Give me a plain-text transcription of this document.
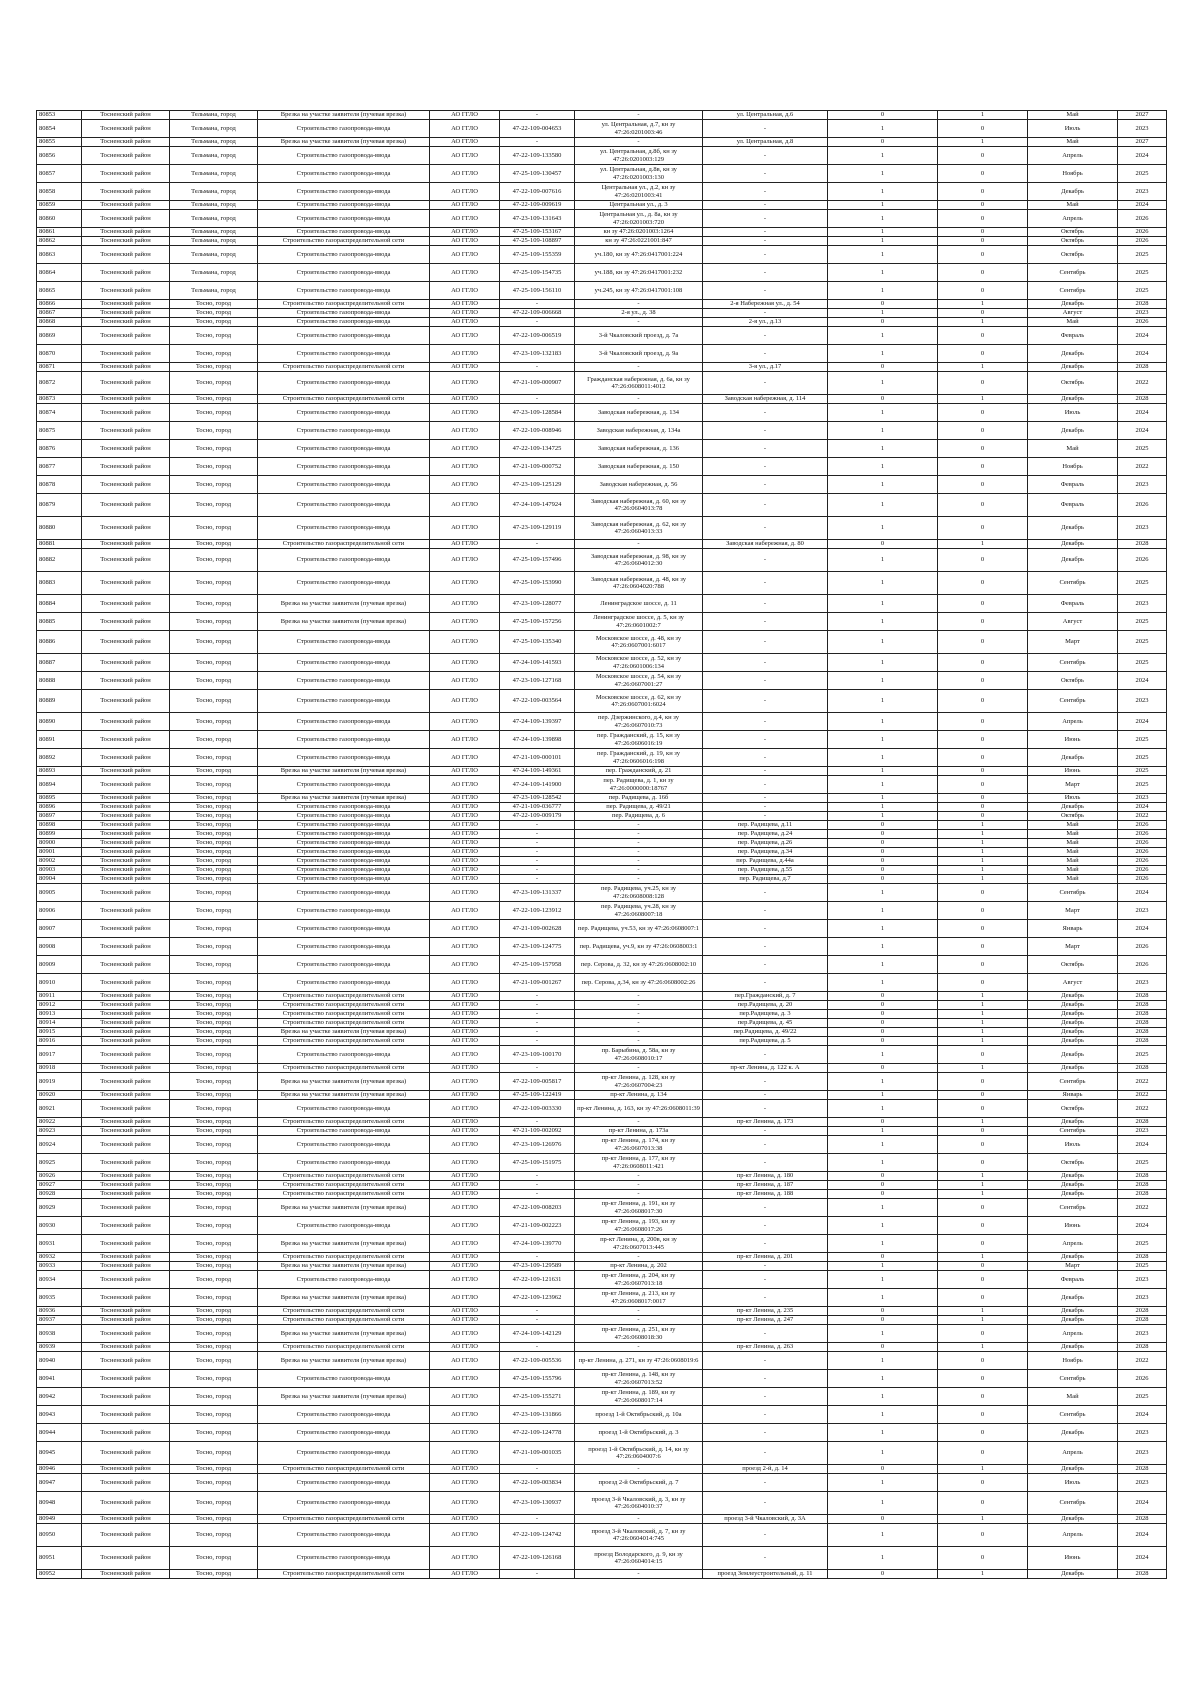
80853	Тосненский район	Тельмана, город	Врезка на участке заявителя (пучевая врезка)	АО ГГЛО	-	-	ул. Центральная, д.6	0	1	Май	2027
80854	Тосненский район	Тельмана, город	Строительство газопровода-ввода	АО ГГЛО	47-22-109-004653	ул. Центральная, д.7, кн зу 47:26:0201003:46	-	1	0	Июль	2023
80855	Тосненский район	Тельмана, город	Врезка на участке заявителя (пучевая врезка)	АО ГГЛО	-	-	ул. Центральная, д.8	0	1	Май	2027
80856	Тосненский район	Тельмана, город	Строительство газопровода-ввода	АО ГГЛО	47-22-109-133580	ул. Центральная, д.8б, кн зу 47:26:0201003:129	-	1	0	Апрель	2024
80857	Тосненский район	Тельмана, город	Строительство газопровода-ввода	АО ГГЛО	47-25-109-130457	ул. Центральная, д.8в, кн зу 47:26:0201003:130	-	1	0	Ноябрь	2025
80858	Тосненский район	Тельмана, город	Строительство газопровода-ввода	АО ГГЛО	47-22-109-007616	Центральная ул., д.2, кн зу 47:26:0201003:41	-	1	0	Декабрь	2023
80859	Тосненский район	Тельмана, город	Строительство газопровода-ввода	АО ГГЛО	47-22-109-009619	Центральная ул., д. 3	-	1	0	Май	2024
80860	Тосненский район	Тельмана, город	Строительство газопровода-ввода	АО ГГЛО	47-23-109-131643	Центральная ул., д. 8а, кн зу 47:26:0201003:720	-	1	0	Апрель	2026
80861	Тосненский район	Тельмана, город	Строительство газопровода-ввода	АО ГГЛО	47-25-109-153167	кн зу 47:26:0201003:1264	-	1	0	Октябрь	2026
80862	Тосненский район	Тельмана, город	Строительство газораспределительной сети	АО ГГЛО	47-25-109-108897	кн зу 47:26:0221001:847	-	1	0	Октябрь	2026
80863	Тосненский район	Тельмана, город	Строительство газопровода-ввода	АО ГГЛО	47-25-109-155359	уч.180, кн зу 47:26:0417001:224	-	1	0	Октябрь	2025
80864	Тосненский район	Тельмана, город	Строительство газопровода-ввода	АО ГГЛО	47-25-109-154735	уч.188, кн зу 47:26:0417001:232	-	1	0	Сентябрь	2025
80865	Тосненский район	Тельмана, город	Строительство газопровода-ввода	АО ГГЛО	47-25-109-156110	уч.245, кн зу 47:26:0417001:108	-	1	0	Сентябрь	2025
80866	Тосненский район	Тосно, город	Строительство газораспределительной сети	АО ГГЛО	-	-	2-я Набережная ул., д. 54	0	1	Декабрь	2028
80867	Тосненский район	Тосно, город	Строительство газопровода-ввода	АО ГГЛО	47-22-109-006668	2-я ул., д. 38	-	1	0	Август	2023
80868	Тосненский район	Тосно, город	Строительство газопровода-ввода	АО ГГЛО	-	-	2-я ул., д.13	0	1	Май	2026
80869	Тосненский район	Тосно, город	Строительство газопровода-ввода	АО ГГЛО	47-22-109-006519	3-й Чкаловский проезд, д. 7а	-	1	0	Февраль	2024
80870	Тосненский район	Тосно, город	Строительство газопровода-ввода	АО ГГЛО	47-23-109-132183	3-й Чкаловский проезд, д. 9а	-	1	0	Декабрь	2024
80871	Тосненский район	Тосно, город	Строительство газораспределительной сети	АО ГГЛО	-	-	3-я ул., д.17	0	1	Декабрь	2028
80872	Тосненский район	Тосно, город	Строительство газопровода-ввода	АО ГГЛО	47-21-109-000907	Гражданская набережная, д. 6а, кн зу 47:26:0608011:4012	-	1	0	Октябрь	2022
80873	Тосненский район	Тосно, город	Строительство газораспределительной сети	АО ГГЛО	-	-	Заводская набережная, д. 114	0	1	Декабрь	2028
80874	Тосненский район	Тосно, город	Строительство газопровода-ввода	АО ГГЛО	47-23-109-128584	Заводская набережная, д. 134	-	1	0	Июль	2024
80875	Тосненский район	Тосно, город	Строительство газопровода-ввода	АО ГГЛО	47-22-109-008946	Заводская набережная, д. 134а	-	1	0	Декабрь	2024
80876	Тосненский район	Тосно, город	Строительство газопровода-ввода	АО ГГЛО	47-22-109-134725	Заводская набережная, д. 136	-	1	0	Май	2025
80877	Тосненский район	Тосно, город	Строительство газопровода-ввода	АО ГГЛО	47-21-109-000752	Заводская набережная, д. 150	-	1	0	Ноябрь	2022
80878	Тосненский район	Тосно, город	Строительство газопровода-ввода	АО ГГЛО	47-23-109-125129	Заводская набережная, д. 56	-	1	0	Февраль	2023
80879	Тосненский район	Тосно, город	Строительство газопровода-ввода	АО ГГЛО	47-24-109-147924	Заводская набережная, д. 60, кн зу 47:26:0604013:78	-	1	0	Февраль	2026
80880	Тосненский район	Тосно, город	Строительство газопровода-ввода	АО ГГЛО	47-23-109-129119	Заводская набережная, д. 62, кн зу 47:26:0604013:33	-	1	0	Декабрь	2023
80881	Тосненский район	Тосно, город	Строительство газораспределительной сети	АО ГГЛО	-	-	Заводская набережная, д. 80	0	1	Декабрь	2028
80882	Тосненский район	Тосно, город	Строительство газопровода-ввода	АО ГГЛО	47-25-109-157496	Заводская набережная, д. 98, кн зу 47:26:0604012:30	-	1	0	Декабрь	2026
80883	Тосненский район	Тосно, город	Строительство газопровода-ввода	АО ГГЛО	47-25-109-153990	Заводская набережная, д. 48, кн зу 47:26:0604020:788	-	1	0	Сентябрь	2025
80884	Тосненский район	Тосно, город	Врезка на участке заявителя (пучевая врезка)	АО ГГЛО	47-23-109-128077	Ленинградское шоссе, д. 11	-	1	0	Февраль	2023
80885	Тосненский район	Тосно, город	Врезка на участке заявителя (пучевая врезка)	АО ГГЛО	47-25-109-157256	Ленинградское шоссе, д. 5, кн зу 47:26:0601002:7	-	1	0	Август	2025
80886	Тосненский район	Тосно, город	Строительство газопровода-ввода	АО ГГЛО	47-25-109-135340	Московское шоссе, д. 48, кн зу 47:26:0607001:6017	-	1	0	Март	2025
80887	Тосненский район	Тосно, город	Строительство газопровода-ввода	АО ГГЛО	47-24-109-141593	Московское шоссе, д. 52, кн зу 47:26:0601006:134	-	1	0	Сентябрь	2025
80888	Тосненский район	Тосно, город	Строительство газопровода-ввода	АО ГГЛО	47-23-109-127168	Московское шоссе, д. 54, кн зу 47:26:0607001:27	-	1	0	Октябрь	2024
80889	Тосненский район	Тосно, город	Строительство газопровода-ввода	АО ГГЛО	47-22-109-003564	Московское шоссе, д. 62, кн зу 47:26:0607001:6024	-	1	0	Сентябрь	2023
80890	Тосненский район	Тосно, город	Строительство газопровода-ввода	АО ГГЛО	47-24-109-139397	пер. Дзержинского, д.4, кн зу 47:26:0607010:73	-	1	0	Апрель	2024
80891	Тосненский район	Тосно, город	Строительство газопровода-ввода	АО ГГЛО	47-24-109-139898	пер. Гражданский, д. 15, кн зу 47:26:0606016:19	-	1	0	Июнь	2025
80892	Тосненский район	Тосно, город	Строительство газопровода-ввода	АО ГГЛО	47-21-109-000101	пер. Гражданский, д. 19, кн зу 47:26:0606016:198	-	1	0	Декабрь	2025
80893	Тосненский район	Тосно, город	Врезка на участке заявителя (пучевая врезка)	АО ГГЛО	47-24-109-149361	пер. Гражданский, д. 21	-	1	0	Июнь	2025
80894	Тосненский район	Тосно, город	Строительство газопровода-ввода	АО ГГЛО	47-24-109-141900	пер. Радищева, д. 1, кн зу 47:26:0000000:18767	-	1	0	Март	2025
80895	Тосненский район	Тосно, город	Врезка на участке заявителя (пучевая врезка)	АО ГГЛО	47-23-109-128542	пер. Радищева, д. 16б	-	1	0	Июль	2023
80896	Тосненский район	Тосно, город	Строительство газопровода-ввода	АО ГГЛО	47-21-109-036777	пер. Радищева, д. 49/21	-	1	0	Декабрь	2024
80897	Тосненский район	Тосно, город	Строительство газопровода-ввода	АО ГГЛО	47-22-109-009179	пер. Радищева, д. 6	-	1	0	Октябрь	2022
80898	Тосненский район	Тосно, город	Строительство газопровода-ввода	АО ГГЛО	-	-	пер. Радищева, д.11	0	1	Май	2026
80899	Тосненский район	Тосно, город	Строительство газопровода-ввода	АО ГГЛО	-	-	пер. Радищева, д.24	0	1	Май	2026
80900	Тосненский район	Тосно, город	Строительство газопровода-ввода	АО ГГЛО	-	-	пер. Радищева, д.26	0	1	Май	2026
80901	Тосненский район	Тосно, город	Строительство газопровода-ввода	АО ГГЛО	-	-	пер. Радищева, д.34	0	1	Май	2026
80902	Тосненский район	Тосно, город	Строительство газопровода-ввода	АО ГГЛО	-	-	пер. Радищева, д.44а	0	1	Май	2026
80903	Тосненский район	Тосно, город	Строительство газопровода-ввода	АО ГГЛО	-	-	пер. Радищева, д.55	0	1	Май	2026
80904	Тосненский район	Тосно, город	Строительство газопровода-ввода	АО ГГЛО	-	-	пер. Радищева, д.7	0	1	Май	2026
80905	Тосненский район	Тосно, город	Строительство газопровода-ввода	АО ГГЛО	47-23-109-131337	пер. Радищева, уч.25, кн зу 47:26:0608008:128	-	1	0	Сентябрь	2024
80906	Тосненский район	Тосно, город	Строительство газопровода-ввода	АО ГГЛО	47-22-109-123912	пер. Радищева, уч.28, кн зу 47:26:0608007:18	-	1	0	Март	2023
80907	Тосненский район	Тосно, город	Строительство газопровода-ввода	АО ГГЛО	47-21-109-002628	пер. Радищева, уч.53, кн зу 47:26:0608007:1	-	1	0	Январь	2024
80908	Тосненский район	Тосно, город	Строительство газопровода-ввода	АО ГГЛО	47-23-109-124775	пер. Радищева, уч.9, кн зу 47:26:0608003:1	-	1	0	Март	2026
80909	Тосненский район	Тосно, город	Строительство газопровода-ввода	АО ГГЛО	47-25-109-157958	пер. Серова, д. 32, кн зу 47:26:0608002:10	-	1	0	Октябрь	2026
80910	Тосненский район	Тосно, город	Строительство газопровода-ввода	АО ГГЛО	47-21-109-001267	пер. Серова, д.34, кн зу 47:26:0608002:26	-	1	0	Август	2023
80911	Тосненский район	Тосно, город	Строительство газораспределительной сети	АО ГГЛО	-	-	пер.Гражданский, д. 7	0	1	Декабрь	2028
80912	Тосненский район	Тосно, город	Строительство газораспределительной сети	АО ГГЛО	-	-	пер.Радищева, д. 20	0	1	Декабрь	2028
80913	Тосненский район	Тосно, город	Строительство газораспределительной сети	АО ГГЛО	-	-	пер.Радищева, д. 3	0	1	Декабрь	2028
80914	Тосненский район	Тосно, город	Строительство газораспределительной сети	АО ГГЛО	-	-	пер.Радищева, д. 45	0	1	Декабрь	2028
80915	Тосненский район	Тосно, город	Врезка на участке заявителя (пучевая врезка)	АО ГГЛО	-	-	пер.Радищева, д. 49/22	0	1	Декабрь	2028
80916	Тосненский район	Тосно, город	Строительство газораспределительной сети	АО ГГЛО	-	-	пер.Радищева, д. 5	0	1	Декабрь	2028
80917	Тосненский район	Тосно, город	Строительство газопровода-ввода	АО ГГЛО	47-23-109-100170	пр. Барыбина, д. 58а, кн зу 47:26:0608010:17	-	1	0	Декабрь	2025
80918	Тосненский район	Тосно, город	Строительство газораспределительной сети	АО ГГЛО	-	-	пр-кт Ленина, д. 122 к. А	0	1	Декабрь	2028
80919	Тосненский район	Тосно, город	Врезка на участке заявителя (пучевая врезка)	АО ГГЛО	47-22-109-005817	пр-кт Ленина, д. 128, кн зу 47:26:0607004:23	-	1	0	Сентябрь	2022
80920	Тосненский район	Тосно, город	Врезка на участке заявителя (пучевая врезка)	АО ГГЛО	47-25-109-122419	пр-кт Ленина, д. 134	-	1	0	Январь	2022
80921	Тосненский район	Тосно, город	Строительство газопровода-ввода	АО ГГЛО	47-22-109-003330	пр-кт Ленина, д. 163, кн зу 47:26:0608011:39	-	1	0	Октябрь	2022
80922	Тосненский район	Тосно, город	Строительство газораспределительной сети	АО ГГЛО	-	-	пр-кт Ленина, д. 173	0	1	Декабрь	2028
80923	Тосненский район	Тосно, город	Строительство газопровода-ввода	АО ГГЛО	47-21-109-002092	пр-кт Ленина, д. 173а	-	1	0	Сентябрь	2023
80924	Тосненский район	Тосно, город	Строительство газопровода-ввода	АО ГГЛО	47-23-109-126976	пр-кт Ленина, д. 174, кн зу 47:26:0607013:38	-	1	0	Июль	2024
80925	Тосненский район	Тосно, город	Строительство газопровода-ввода	АО ГГЛО	47-25-109-151975	пр-кт Ленина, д. 177, кн зу 47:26:0608011:421	-	1	0	Октябрь	2025
80926	Тосненский район	Тосно, город	Строительство газораспределительной сети	АО ГГЛО	-	-	пр-кт Ленина, д. 180	0	1	Декабрь	2028
80927	Тосненский район	Тосно, город	Строительство газораспределительной сети	АО ГГЛО	-	-	пр-кт Ленина, д. 187	0	1	Декабрь	2028
80928	Тосненский район	Тосно, город	Строительство газораспределительной сети	АО ГГЛО	-	-	пр-кт Ленина, д. 188	0	1	Декабрь	2028
80929	Тосненский район	Тосно, город	Врезка на участке заявителя (пучевая врезка)	АО ГГЛО	47-22-109-008203	пр-кт Ленина, д. 191, кн зу 47:26:0608017:30	-	1	0	Сентябрь	2022
80930	Тосненский район	Тосно, город	Строительство газопровода-ввода	АО ГГЛО	47-21-109-002223	пр-кт Ленина, д. 193, кн зу 47:26:0608017:26	-	1	0	Июнь	2024
80931	Тосненский район	Тосно, город	Врезка на участке заявителя (пучевая врезка)	АО ГГЛО	47-24-109-139770	пр-кт Ленина, д. 200в, кн зу 47:26:0607013:445	-	1	0	Апрель	2025
80932	Тосненский район	Тосно, город	Строительство газораспределительной сети	АО ГГЛО	-	-	пр-кт Ленина, д. 201	0	1	Декабрь	2028
80933	Тосненский район	Тосно, город	Врезка на участке заявителя (пучевая врезка)	АО ГГЛО	47-23-109-129589	пр-кт Ленина, д. 202	-	1	0	Март	2025
80934	Тосненский район	Тосно, город	Строительство газопровода-ввода	АО ГГЛО	47-22-109-121631	пр-кт Ленина, д. 204, кн зу 47:26:0607013:18	-	1	0	Февраль	2023
80935	Тосненский район	Тосно, город	Врезка на участке заявителя (пучевая врезка)	АО ГГЛО	47-22-109-123962	пр-кт Ленина, д. 213, кн зу 47:26:0608017:0017	-	1	0	Декабрь	2023
80936	Тосненский район	Тосно, город	Строительство газораспределительной сети	АО ГГЛО	-	-	пр-кт Ленина, д. 235	0	1	Декабрь	2028
80937	Тосненский район	Тосно, город	Строительство газораспределительной сети	АО ГГЛО	-	-	пр-кт Ленина, д. 247	0	1	Декабрь	2028
80938	Тосненский район	Тосно, город	Врезка на участке заявителя (пучевая врезка)	АО ГГЛО	47-24-109-142129	пр-кт Ленина, д. 251, кн зу 47:26:0608018:30	-	1	0	Апрель	2023
80939	Тосненский район	Тосно, город	Строительство газораспределительной сети	АО ГГЛО	-	-	пр-кт Ленина, д. 263	0	1	Декабрь	2028
80940	Тосненский район	Тосно, город	Врезка на участке заявителя (пучевая врезка)	АО ГГЛО	47-22-109-005536	пр-кт Ленина, д. 271, кн зу 47:26:0608019:6	-	1	0	Ноябрь	2022
80941	Тосненский район	Тосно, город	Строительство газопровода-ввода	АО ГГЛО	47-25-109-155796	пр-кт Ленина, д. 148, кн зу 47:26:0607013:52	-	1	0	Сентябрь	2026
80942	Тосненский район	Тосно, город	Врезка на участке заявителя (пучевая врезка)	АО ГГЛО	47-25-109-155271	пр-кт Ленина, д. 189, кн зу 47:26:0608017:14	-	1	0	Май	2025
80943	Тосненский район	Тосно, город	Строительство газопровода-ввода	АО ГГЛО	47-23-109-131866	проезд 1-й Октябрьский, д. 10а	-	1	0	Сентябрь	2024
80944	Тосненский район	Тосно, город	Строительство газопровода-ввода	АО ГГЛО	47-22-109-124778	проезд 1-й Октябрьский, д. 3	-	1	0	Декабрь	2023
80945	Тосненский район	Тосно, город	Строительство газопровода-ввода	АО ГГЛО	47-21-109-001035	проезд 1-й Октябрьский, д. 14, кн зу 47:26:0604007:6	-	1	0	Апрель	2023
80946	Тосненский район	Тосно, город	Строительство газораспределительной сети	АО ГГЛО	-	-	проезд 2-й, д. 14	0	1	Декабрь	2028
80947	Тосненский район	Тосно, город	Строительство газопровода-ввода	АО ГГЛО	47-22-109-003834	проезд 2-й Октябрьский, д. 7	-	1	0	Июль	2023
80948	Тосненский район	Тосно, город	Строительство газопровода-ввода	АО ГГЛО	47-23-109-130937	проезд 3-й Чкаловский, д. 3, кн зу 47:26:0604010:37	-	1	0	Сентябрь	2024
80949	Тосненский район	Тосно, город	Строительство газораспределительной сети	АО ГГЛО	-	-	проезд 3-й Чкаловский, д. 3А	0	1	Декабрь	2028
80950	Тосненский район	Тосно, город	Строительство газопровода-ввода	АО ГГЛО	47-22-109-124742	проезд 3-й Чкаловский, д. 7, кн зу 47:26:0604014:745	-	1	0	Апрель	2024
80951	Тосненский район	Тосно, город	Строительство газопровода-ввода	АО ГГЛО	47-22-109-126168	проезд Володарского, д. 9, кн зу 47:26:0604014:15	-	1	0	Июнь	2024
80952	Тосненский район	Тосно, город	Строительство газораспределительной сети	АО ГГЛО	-	-	проезд Землеустроительный, д. 11	0	1	Декабрь	2028
